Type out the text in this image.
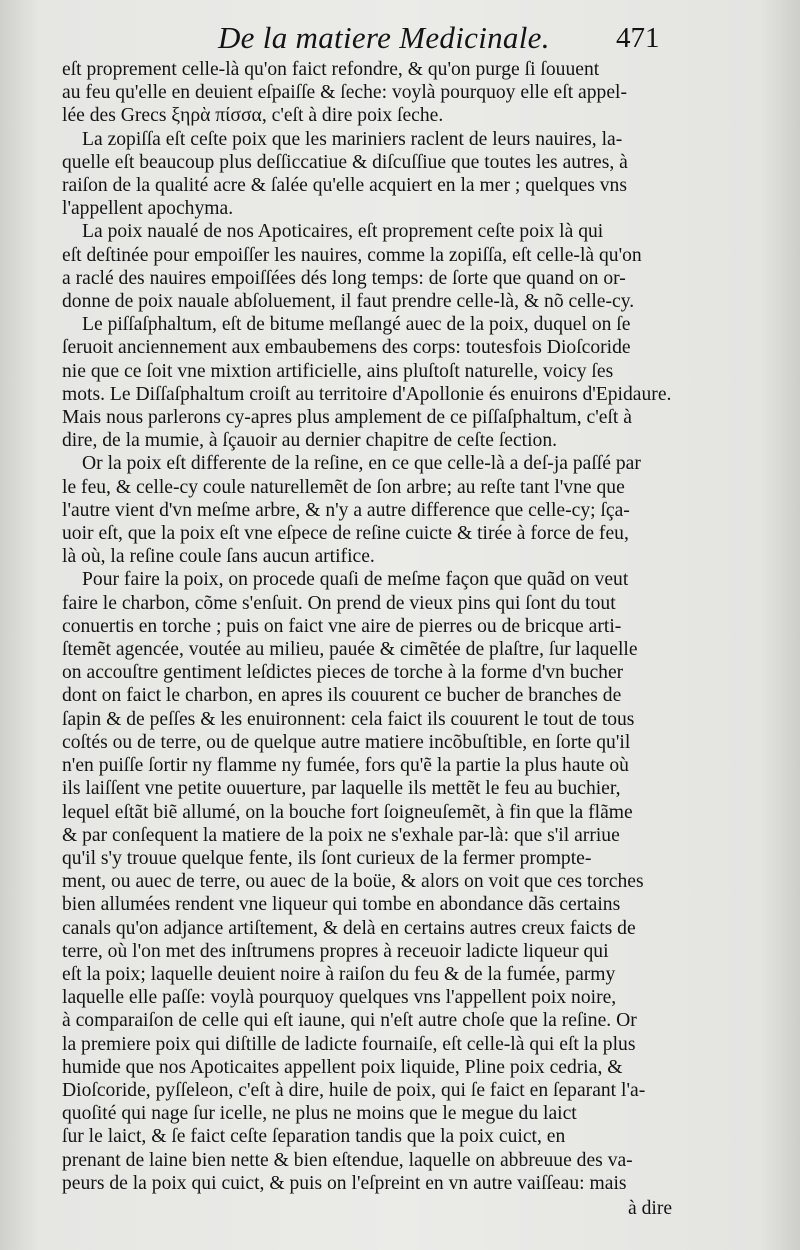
De la matiere Medicinale. 471

eſt proprement celle-là qu'on faict refondre, & qu'on purge ſi ſouuent
au feu qu'elle en deuient eſpaiſſe & ſeche: voylà pourquoy elle eſt appel-
lée des Grecs ξηρὰ πίσσα, c'eſt à dire poix ſeche.

La zopiſſa eſt ceſte poix que les mariniers raclent de leurs nauires, la-
quelle eſt beaucoup plus deſſiccatiue & diſcuſſiue que toutes les autres, à
raiſon de la qualité acre & ſalée qu'elle acquiert en la mer ; quelques vns
l'appellent apochyma.

La poix naualé de nos Apoticaires, eſt proprement ceſte poix là qui
eſt deſtinée pour empoiſſer les nauires, comme la zopiſſa, eſt celle-là qu'on
a raclé des nauires empoiſſées dés long temps: de ſorte que quand on or-
donne de poix nauale abſoluement, il faut prendre celle-là, & nõ celle-cy.

Le piſſaſphaltum, eſt de bitume meſlangé auec de la poix, duquel on ſe
ſeruoit anciennement aux embaubemens des corps: toutesfois Dioſcoride
nie que ce ſoit vne mixtion artificielle, ains pluſtoſt naturelle, voicy ſes
mots. Le Diſſaſphaltum croiſt au territoire d'Apollonie és enuirons d'Epidaure.
Mais nous parlerons cy-apres plus amplement de ce piſſaſphaltum, c'eſt à
dire, de la mumie, à ſçauoir au dernier chapitre de ceſte ſection.

Or la poix eſt differente de la reſine, en ce que celle-là a deſ-ja paſſé par
le feu, & celle-cy coule naturellemẽt de ſon arbre; au reſte tant l'vne que
l'autre vient d'vn meſme arbre, & n'y a autre difference que celle-cy; ſça-
uoir eſt, que la poix eſt vne eſpece de reſine cuicte & tirée à force de feu,
là où, la reſine coule ſans aucun artifice.

Pour faire la poix, on procede quaſi de meſme façon que quãd on veut
faire le charbon, cõme s'enſuit. On prend de vieux pins qui ſont du tout
conuertis en torche ; puis on faict vne aire de pierres ou de bricque arti-
ſtemẽt agencée, voutée au milieu, pauée & cimẽtée de plaſtre, ſur laquelle
on accouſtre gentiment leſdictes pieces de torche à la forme d'vn bucher
dont on faict le charbon, en apres ils couurent ce bucher de branches de
ſapin & de peſſes & les enuironnent: cela faict ils couurent le tout de tous
coſtés ou de terre, ou de quelque autre matiere incõbuſtible, en ſorte qu'il
n'en puiſſe ſortir ny flamme ny fumée, fors qu'ẽ la partie la plus haute où
ils laiſſent vne petite ouuerture, par laquelle ils mettẽt le feu au buchier,
lequel eſtãt biẽ allumé, on la bouche fort ſoigneuſemẽt, à fin que la flãme
& par conſequent la matiere de la poix ne s'exhale par-là: que s'il arriue
qu'il s'y trouue quelque fente, ils ſont curieux de la fermer prompte-
ment, ou auec de terre, ou auec de la boüe, & alors on voit que ces torches
bien allumées rendent vne liqueur qui tombe en abondance dãs certains
canals qu'on adjance artiſtement, & delà en certains autres creux faicts de
terre, où l'on met des inſtrumens propres à receuoir ladicte liqueur qui
eſt la poix; laquelle deuient noire à raiſon du feu & de la fumée, parmy
laquelle elle paſſe: voylà pourquoy quelques vns l'appellent poix noire,
à comparaiſon de celle qui eſt iaune, qui n'eſt autre choſe que la reſine. Or
la premiere poix qui diſtille de ladicte fournaiſe, eſt celle-là qui eſt la plus
humide que nos Apoticaites appellent poix liquide, Pline poix cedria, &
Dioſcoride, pyſſeleon, c'eſt à dire, huile de poix, qui ſe faict en ſeparant l'a-
quoſité qui nage ſur icelle, ne plus ne moins que le megue du laict
ſur le laict, & ſe faict ceſte ſeparation tandis que la poix cuict, en
prenant de laine bien nette & bien eſtendue, laquelle on abbreuue des va-
peurs de la poix qui cuict, & puis on l'eſpreint en vn autre vaiſſeau: mais

à dire
